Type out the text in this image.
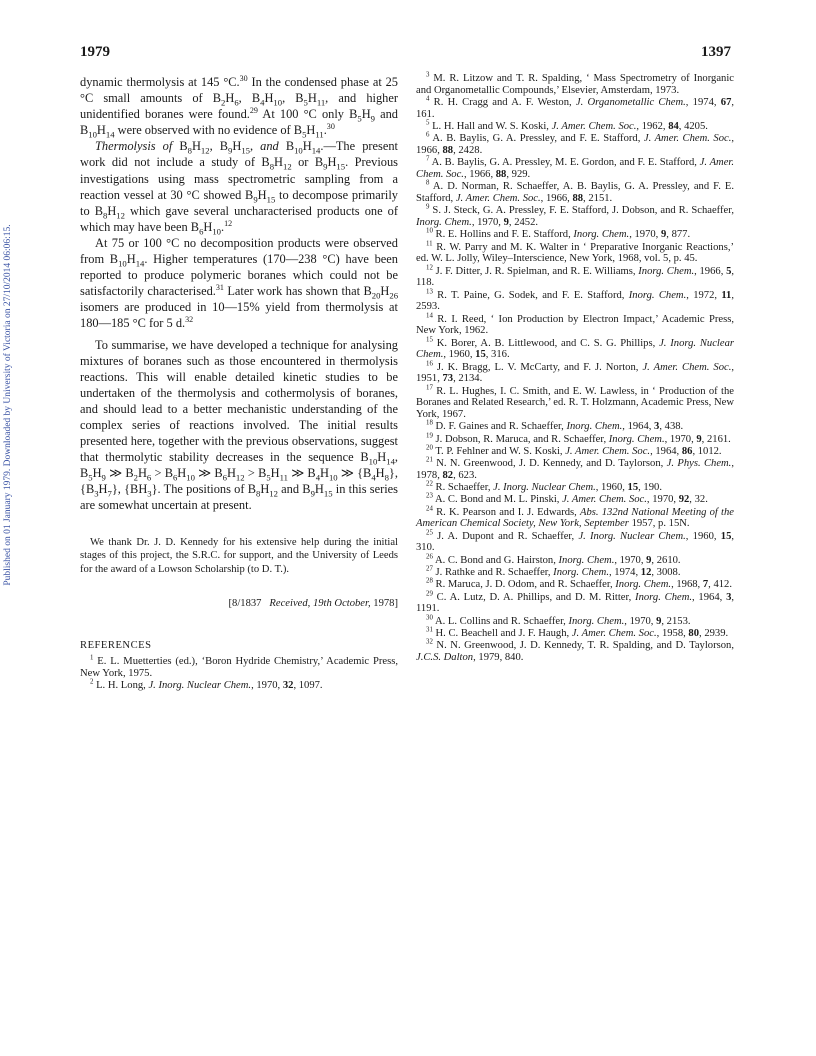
1979	1397
Published on 01 January 1979. Downloaded by University of Victoria on 27/10/2014 06:06:15.

dynamic thermolysis at 145 °C.$^{30}$ In the condensed phase at 25 °C small amounts of $B_2H_6$, $B_4H_{10}$, $B_5H_{11}$, and higher unidentified boranes were found.$^{29}$ At 100 °C only $B_5H_9$ and $B_{10}H_{14}$ were observed with no evidence of $B_5H_{11}.^{30}$

Thermolysis of $B_8H_{12}$, $B_9H_{15}$, and $B_{10}H_{14}.—The$ present work did not include a study of $B_8H_{12}$ or $B_9H_{15}$. Previous investigations using mass spectrometric sampling from a reaction vessel at 30 °C showed $B_9H_{15}$ to decompose primarily to $B_8H_{12}$ which gave several uncharacterised products one of which may have been $B_6H_{10}.^{12}$

At 75 or 100 °C no decomposition products were observed from $B_{10}H_{14}$. Higher temperatures (170—238 °C) have been reported to produce polymeric boranes which could not be satisfactorily characterised.$^{31}$ Later work has shown that $B_{20}H_{26}$ isomers are produced in 10—15% yield from thermolysis at 180—185 °C for 5 d.$^{32}$

To summarise, we have developed a technique for analysing mixtures of boranes such as those encountered in thermolysis reactions. This will enable detailed kinetic studies to be undertaken of the thermolysis and cothermolysis of boranes, and should lead to a better mechanistic understanding of the complex series of reactions involved. The initial results presented here, together with the previous observations, suggest that thermolytic stability decreases in the sequence $B_{10}H_{14}$, $B_5H_9$ ≫ $B_2H_6 > B_6H_{10}$ ≫ $B_6H_{12} > B_5H_{11}$ ≫ $B_4H_{10}$ ≫ $\{B_4H_8\}$, $\{B_3H_7\}$, $\{BH_3\}$. The positions of $B_8H_{12}$ and $B_9H_{15}$ in this series are somewhat uncertain at present.

We thank Dr. J. D. Kennedy for his extensive help during the initial stages of this project, the S.R.C. for support, and the University of Leeds for the award of a Lowson Scholarship (to D. T.).

[8/1837   Received, 19th October, 1978]
REFERENCES

$^1$ E. L. Muetterties (ed.), ‘Boron Hydride Chemistry,’ Academic Press, New York, 1975.

$^2$ L. H. Long, J. Inorg. Nuclear Chem., 1970, 32, 1097.

$^3$ M. R. Litzow and T. R. Spalding, ‘ Mass Spectrometry of Inorganic and Organometallic Compounds,’ Elsevier, Amsterdam, 1973.

$^4$ R. H. Cragg and A. F. Weston, J. Organometallic Chem., 1974, 67, 161.

$^5$ L. H. Hall and W. S. Koski, J. Amer. Chem. Soc., 1962, 84, 4205.

$^6$ A. B. Baylis, G. A. Pressley, and F. E. Stafford, J. Amer. Chem. Soc., 1966, 88, 2428.

$^7$ A. B. Baylis, G. A. Pressley, M. E. Gordon, and F. E. Stafford, J. Amer. Chem. Soc., 1966, 88, 929.

$^8$ A. D. Norman, R. Schaeffer, A. B. Baylis, G. A. Pressley, and F. E. Stafford, J. Amer. Chem. Soc., 1966, 88, 2151.

$^9$ S. J. Steck, G. A. Pressley, F. E. Stafford, J. Dobson, and R. Schaeffer, Inorg. Chem., 1970, 9, 2452.

$^{10}$ R. E. Hollins and F. E. Stafford, Inorg. Chem., 1970, 9, 877.

$^{11}$ R. W. Parry and M. K. Walter in ‘ Preparative Inorganic Reactions,’ ed. W. L. Jolly, Wiley–Interscience, New York, 1968, vol. 5, p. 45.

$^{12}$ J. F. Ditter, J. R. Spielman, and R. E. Williams, Inorg. Chem., 1966, 5, 118.

$^{13}$ R. T. Paine, G. Sodek, and F. E. Stafford, Inorg. Chem., 1972, 11, 2593.

$^{14}$ R. I. Reed, ‘ Ion Production by Electron Impact,’ Academic Press, New York, 1962.

$^{15}$ K. Borer, A. B. Littlewood, and C. S. G. Phillips, J. Inorg. Nuclear Chem., 1960, 15, 316.

$^{16}$ J. K. Bragg, L. V. McCarty, and F. J. Norton, J. Amer. Chem. Soc., 1951, 73, 2134.

$^{17}$ R. L. Hughes, I. C. Smith, and E. W. Lawless, in ‘ Production of the Boranes and Related Research,’ ed. R. T. Holzmann, Academic Press, New York, 1967.

$^{18}$ D. F. Gaines and R. Schaeffer, Inorg. Chem., 1964, 3, 438.

$^{19}$ J. Dobson, R. Maruca, and R. Schaeffer, Inorg. Chem., 1970, 9, 2161.

$^{20}$ T. P. Fehlner and W. S. Koski, J. Amer. Chem. Soc., 1964, 86, 1012.

$^{21}$ N. N. Greenwood, J. D. Kennedy, and D. Taylorson, J. Phys. Chem., 1978, 82, 623.

$^{22}$ R. Schaeffer, J. Inorg. Nuclear Chem., 1960, 15, 190.

$^{23}$ A. C. Bond and M. L. Pinski, J. Amer. Chem. Soc., 1970, 92, 32.

$^{24}$ R. K. Pearson and I. J. Edwards, Abs. 132nd National Meeting of the American Chemical Society, New York, September 1957, p. 15N.

$^{25}$ J. A. Dupont and R. Schaeffer, J. Inorg. Nuclear Chem., 1960, 15, 310.

$^{26}$ A. C. Bond and G. Hairston, Inorg. Chem., 1970, 9, 2610.

$^{27}$ J. Rathke and R. Schaeffer, Inorg. Chem., 1974, 12, 3008.

$^{28}$ R. Maruca, J. D. Odom, and R. Schaeffer, Inorg. Chem., 1968, 7, 412.

$^{29}$ C. A. Lutz, D. A. Phillips, and D. M. Ritter, Inorg. Chem., 1964, 3, 1191.

$^{30}$ A. L. Collins and R. Schaeffer, Inorg. Chem., 1970, 9, 2153.

$^{31}$ H. C. Beachell and J. F. Haugh, J. Amer. Chem. Soc., 1958, 80, 2939.

$^{32}$ N. N. Greenwood, J. D. Kennedy, T. R. Spalding, and D. Taylorson, J.C.S. Dalton, 1979, 840.
